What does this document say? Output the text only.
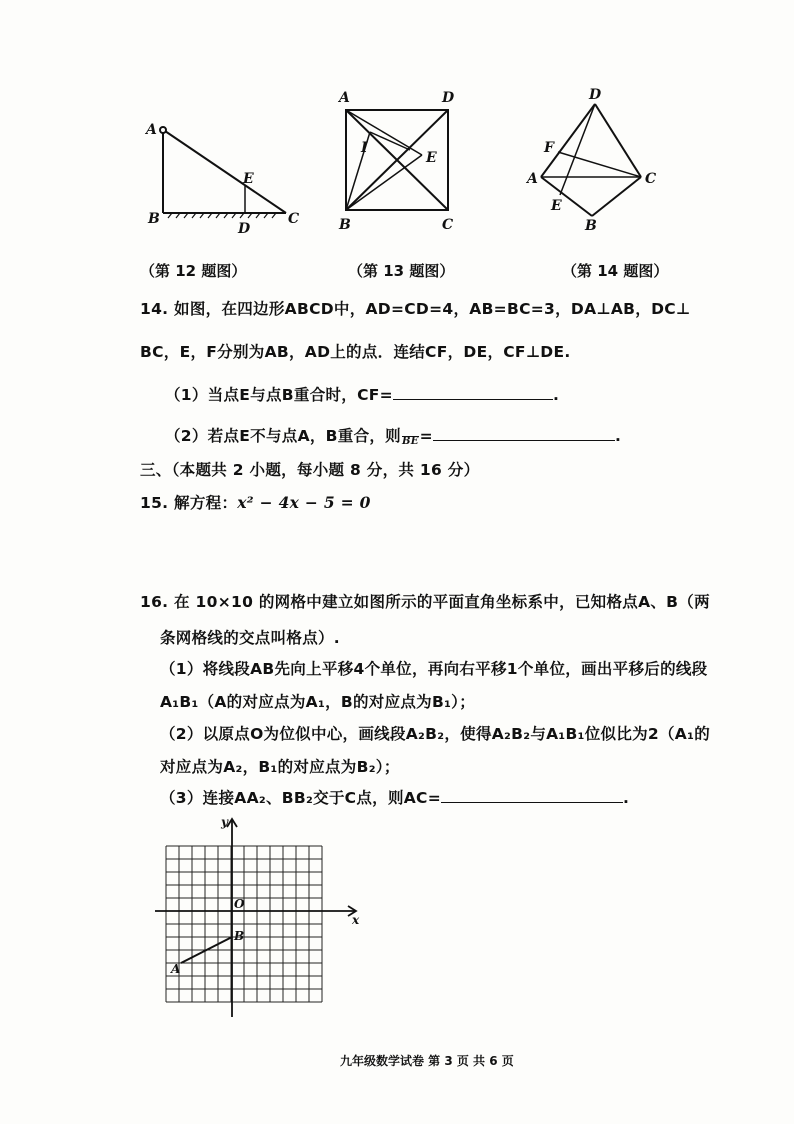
A
B
E
D
C
A	D
I
E
B	C
D
F
A	C
E
B
（第 12 题图）	（第 13 题图）	（第 14 题图）
14. 如图，在四边形ABCD中，AD=CD=4，AB=BC=3，DA⊥AB，DC⊥
BC，E，F分别为AB，AD上的点．连结CF，DE，CF⊥DE.
（1）当点E与点B重合时，CF=	.
（2）若点E不与点A，B重合，则
BE =	.
三、（本题共 2 小题，每小题 8 分，共 16 分）
15. 解方程：x² − 4x − 5 = 0
16. 在 10×10 的网格中建立如图所示的平面直角坐标系中，已知格点A、B（两
条网格线的交点叫格点）.
（1）将线段AB先向上平移4个单位，再向右平移1个单位，画出平移后的线段
A₁B₁（A的对应点为A₁，B的对应点为B₁）；
（2）以原点O为位似中心，画线段A₂B₂，使得A₂B₂与A₁B₁位似比为2（A₁的
对应点为A₂，B₁的对应点为B₂）；
（3）连接AA₂、BB₂交于C点，则AC=	.
x
y
O
B
A
九年级数学试卷 第 3 页 共 6 页
